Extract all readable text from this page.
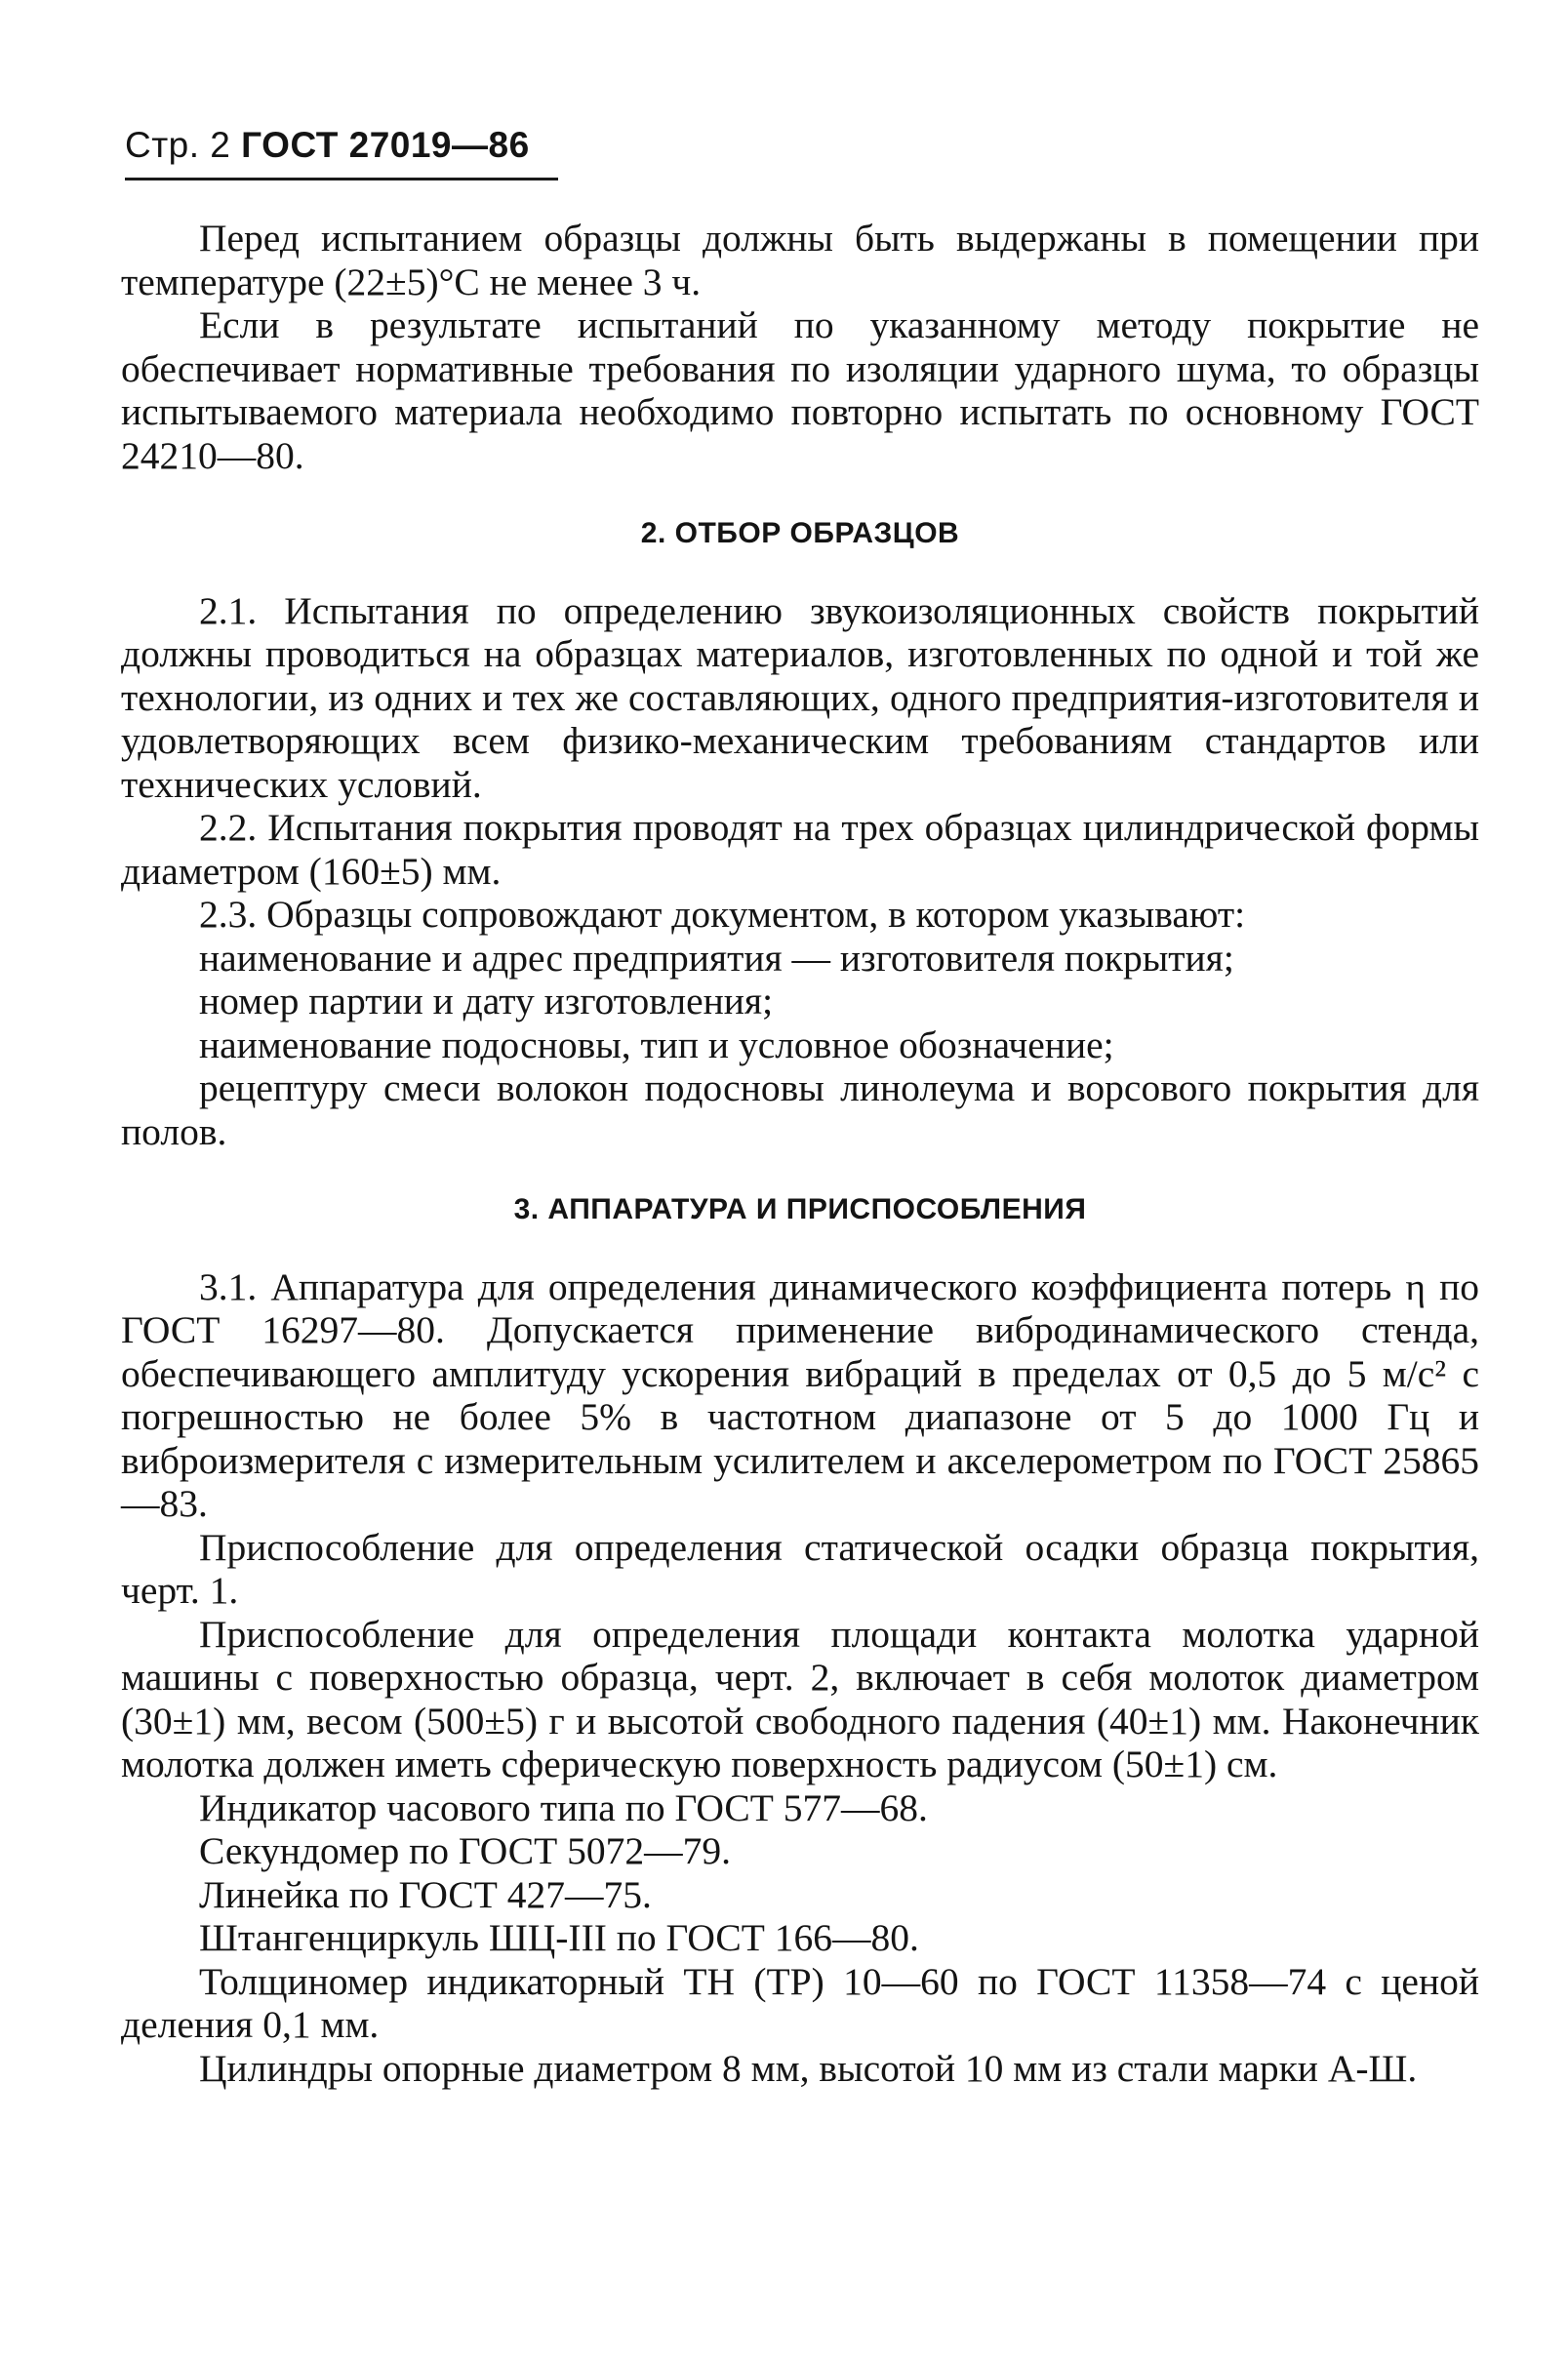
Стр. 2 ГОСТ 27019—86

Перед испытанием образцы должны быть выдержаны в помещении при температуре (22±5)°С не менее 3 ч.

Если в результате испытаний по указанному методу покрытие не обеспечивает нормативные требования по изоляции ударного шума, то образцы испытываемого материала необходимо повторно испытать по основному ГОСТ 24210—80.

2. ОТБОР ОБРАЗЦОВ

2.1. Испытания по определению звукоизоляционных свойств покрытий должны проводиться на образцах материалов, изготовленных по одной и той же технологии, из одних и тех же составляющих, одного предприятия-изготовителя и удовлетворяющих всем физико-механическим требованиям стандартов или технических условий.

2.2. Испытания покрытия проводят на трех образцах цилиндрической формы диаметром (160±5) мм.

2.3. Образцы сопровождают документом, в котором указывают:

наименование и адрес предприятия — изготовителя покрытия;

номер партии и дату изготовления;

наименование подосновы, тип и условное обозначение;

рецептуру смеси волокон подосновы линолеума и ворсового покрытия для полов.

3. АППАРАТУРА И ПРИСПОСОБЛЕНИЯ

3.1. Аппаратура для определения динамического коэффициента потерь η по ГОСТ 16297—80. Допускается применение вибродинамического стенда, обеспечивающего амплитуду ускорения вибраций в пределах от 0,5 до 5 м/с² с погрешностью не более 5% в частотном диапазоне от 5 до 1000 Гц и виброизмерителя с измерительным усилителем и акселерометром по ГОСТ 25865—83.

Приспособление для определения статической осадки образца покрытия, черт. 1.

Приспособление для определения площади контакта молотка ударной машины с поверхностью образца, черт. 2, включает в себя молоток диаметром (30±1) мм, весом (500±5) г и высотой свободного падения (40±1) мм. Наконечник молотка должен иметь сферическую поверхность радиусом (50±1) см.

Индикатор часового типа по ГОСТ 577—68.

Секундомер по ГОСТ 5072—79.

Линейка по ГОСТ 427—75.

Штангенциркуль ШЦ-III по ГОСТ 166—80.

Толщиномер индикаторный ТН (ТР) 10—60 по ГОСТ 11358—74 с ценой деления 0,1 мм.

Цилиндры опорные диаметром 8 мм, высотой 10 мм из стали марки А-Ш.
